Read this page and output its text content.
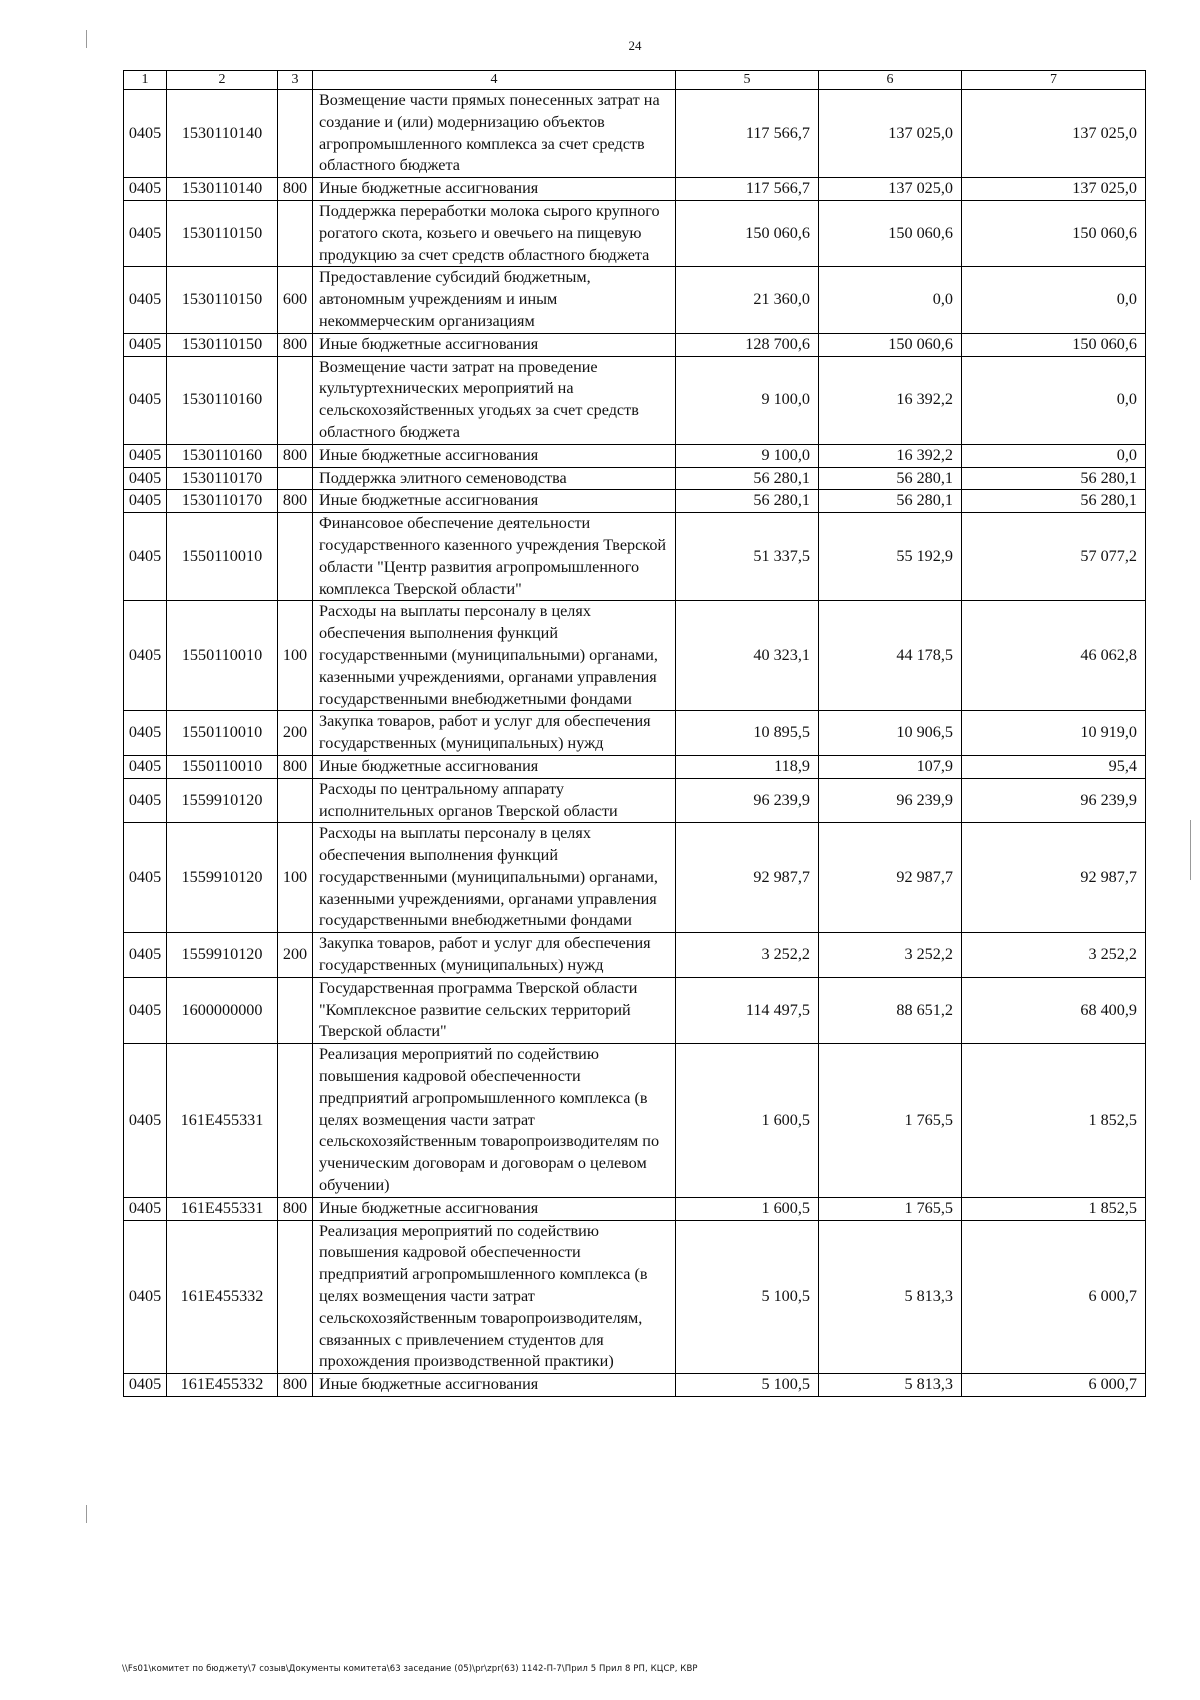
24
1	2	3	4	5	6	7
0405	1530110140		Возмещение части прямых понесенных затрат на создание и (или) модернизацию объектов агропромышленного комплекса за счет средств областного бюджета	117 566,7	137 025,0	137 025,0
0405	1530110140	800	Иные бюджетные ассигнования	117 566,7	137 025,0	137 025,0
0405	1530110150		Поддержка переработки молока сырого крупного рогатого скота, козьего и овечьего на пищевую продукцию за счет средств областного бюджета	150 060,6	150 060,6	150 060,6
0405	1530110150	600	Предоставление субсидий бюджетным, автономным учреждениям и иным некоммерческим организациям	21 360,0	0,0	0,0
0405	1530110150	800	Иные бюджетные ассигнования	128 700,6	150 060,6	150 060,6
0405	1530110160		Возмещение части затрат на проведение культуртехнических мероприятий на сельскохозяйственных угодьях за счет средств областного бюджета	9 100,0	16 392,2	0,0
0405	1530110160	800	Иные бюджетные ассигнования	9 100,0	16 392,2	0,0
0405	1530110170		Поддержка элитного семеноводства	56 280,1	56 280,1	56 280,1
0405	1530110170	800	Иные бюджетные ассигнования	56 280,1	56 280,1	56 280,1
0405	1550110010		Финансовое обеспечение деятельности государственного казенного учреждения Тверской области "Центр развития агропромышленного комплекса Тверской области"	51 337,5	55 192,9	57 077,2
0405	1550110010	100	Расходы на выплаты персоналу в целях обеспечения выполнения функций государственными (муниципальными) органами, казенными учреждениями, органами управления государственными внебюджетными фондами	40 323,1	44 178,5	46 062,8
0405	1550110010	200	Закупка товаров, работ и услуг для обеспечения государственных (муниципальных) нужд	10 895,5	10 906,5	10 919,0
0405	1550110010	800	Иные бюджетные ассигнования	118,9	107,9	95,4
0405	1559910120		Расходы по центральному аппарату исполнительных органов Тверской области	96 239,9	96 239,9	96 239,9
0405	1559910120	100	Расходы на выплаты персоналу в целях обеспечения выполнения функций государственными (муниципальными) органами, казенными учреждениями, органами управления государственными внебюджетными фондами	92 987,7	92 987,7	92 987,7
0405	1559910120	200	Закупка товаров, работ и услуг для обеспечения государственных (муниципальных) нужд	3 252,2	3 252,2	3 252,2
0405	1600000000		Государственная программа Тверской области "Комплексное развитие сельских территорий Тверской области"	114 497,5	88 651,2	68 400,9
0405	161E455331		Реализация мероприятий по содействию повышения кадровой обеспеченности предприятий агропромышленного комплекса (в целях возмещения части затрат сельскохозяйственным товаропроизводителям по ученическим договорам и договорам о целевом обучении)	1 600,5	1 765,5	1 852,5
0405	161E455331	800	Иные бюджетные ассигнования	1 600,5	1 765,5	1 852,5
0405	161E455332		Реализация мероприятий по содействию повышения кадровой обеспеченности предприятий агропромышленного комплекса (в целях возмещения части затрат сельскохозяйственным товаропроизводителям, связанных с привлечением студентов для прохождения производственной практики)	5 100,5	5 813,3	6 000,7
0405	161E455332	800	Иные бюджетные ассигнования	5 100,5	5 813,3	6 000,7
\\Fs01\комитет по бюджету\7 созыв\Документы комитета\63 заседание (05)\pr\zpr(63) 1142-П-7\Прил 5 Прил 8 РП, КЦСР, КВР
